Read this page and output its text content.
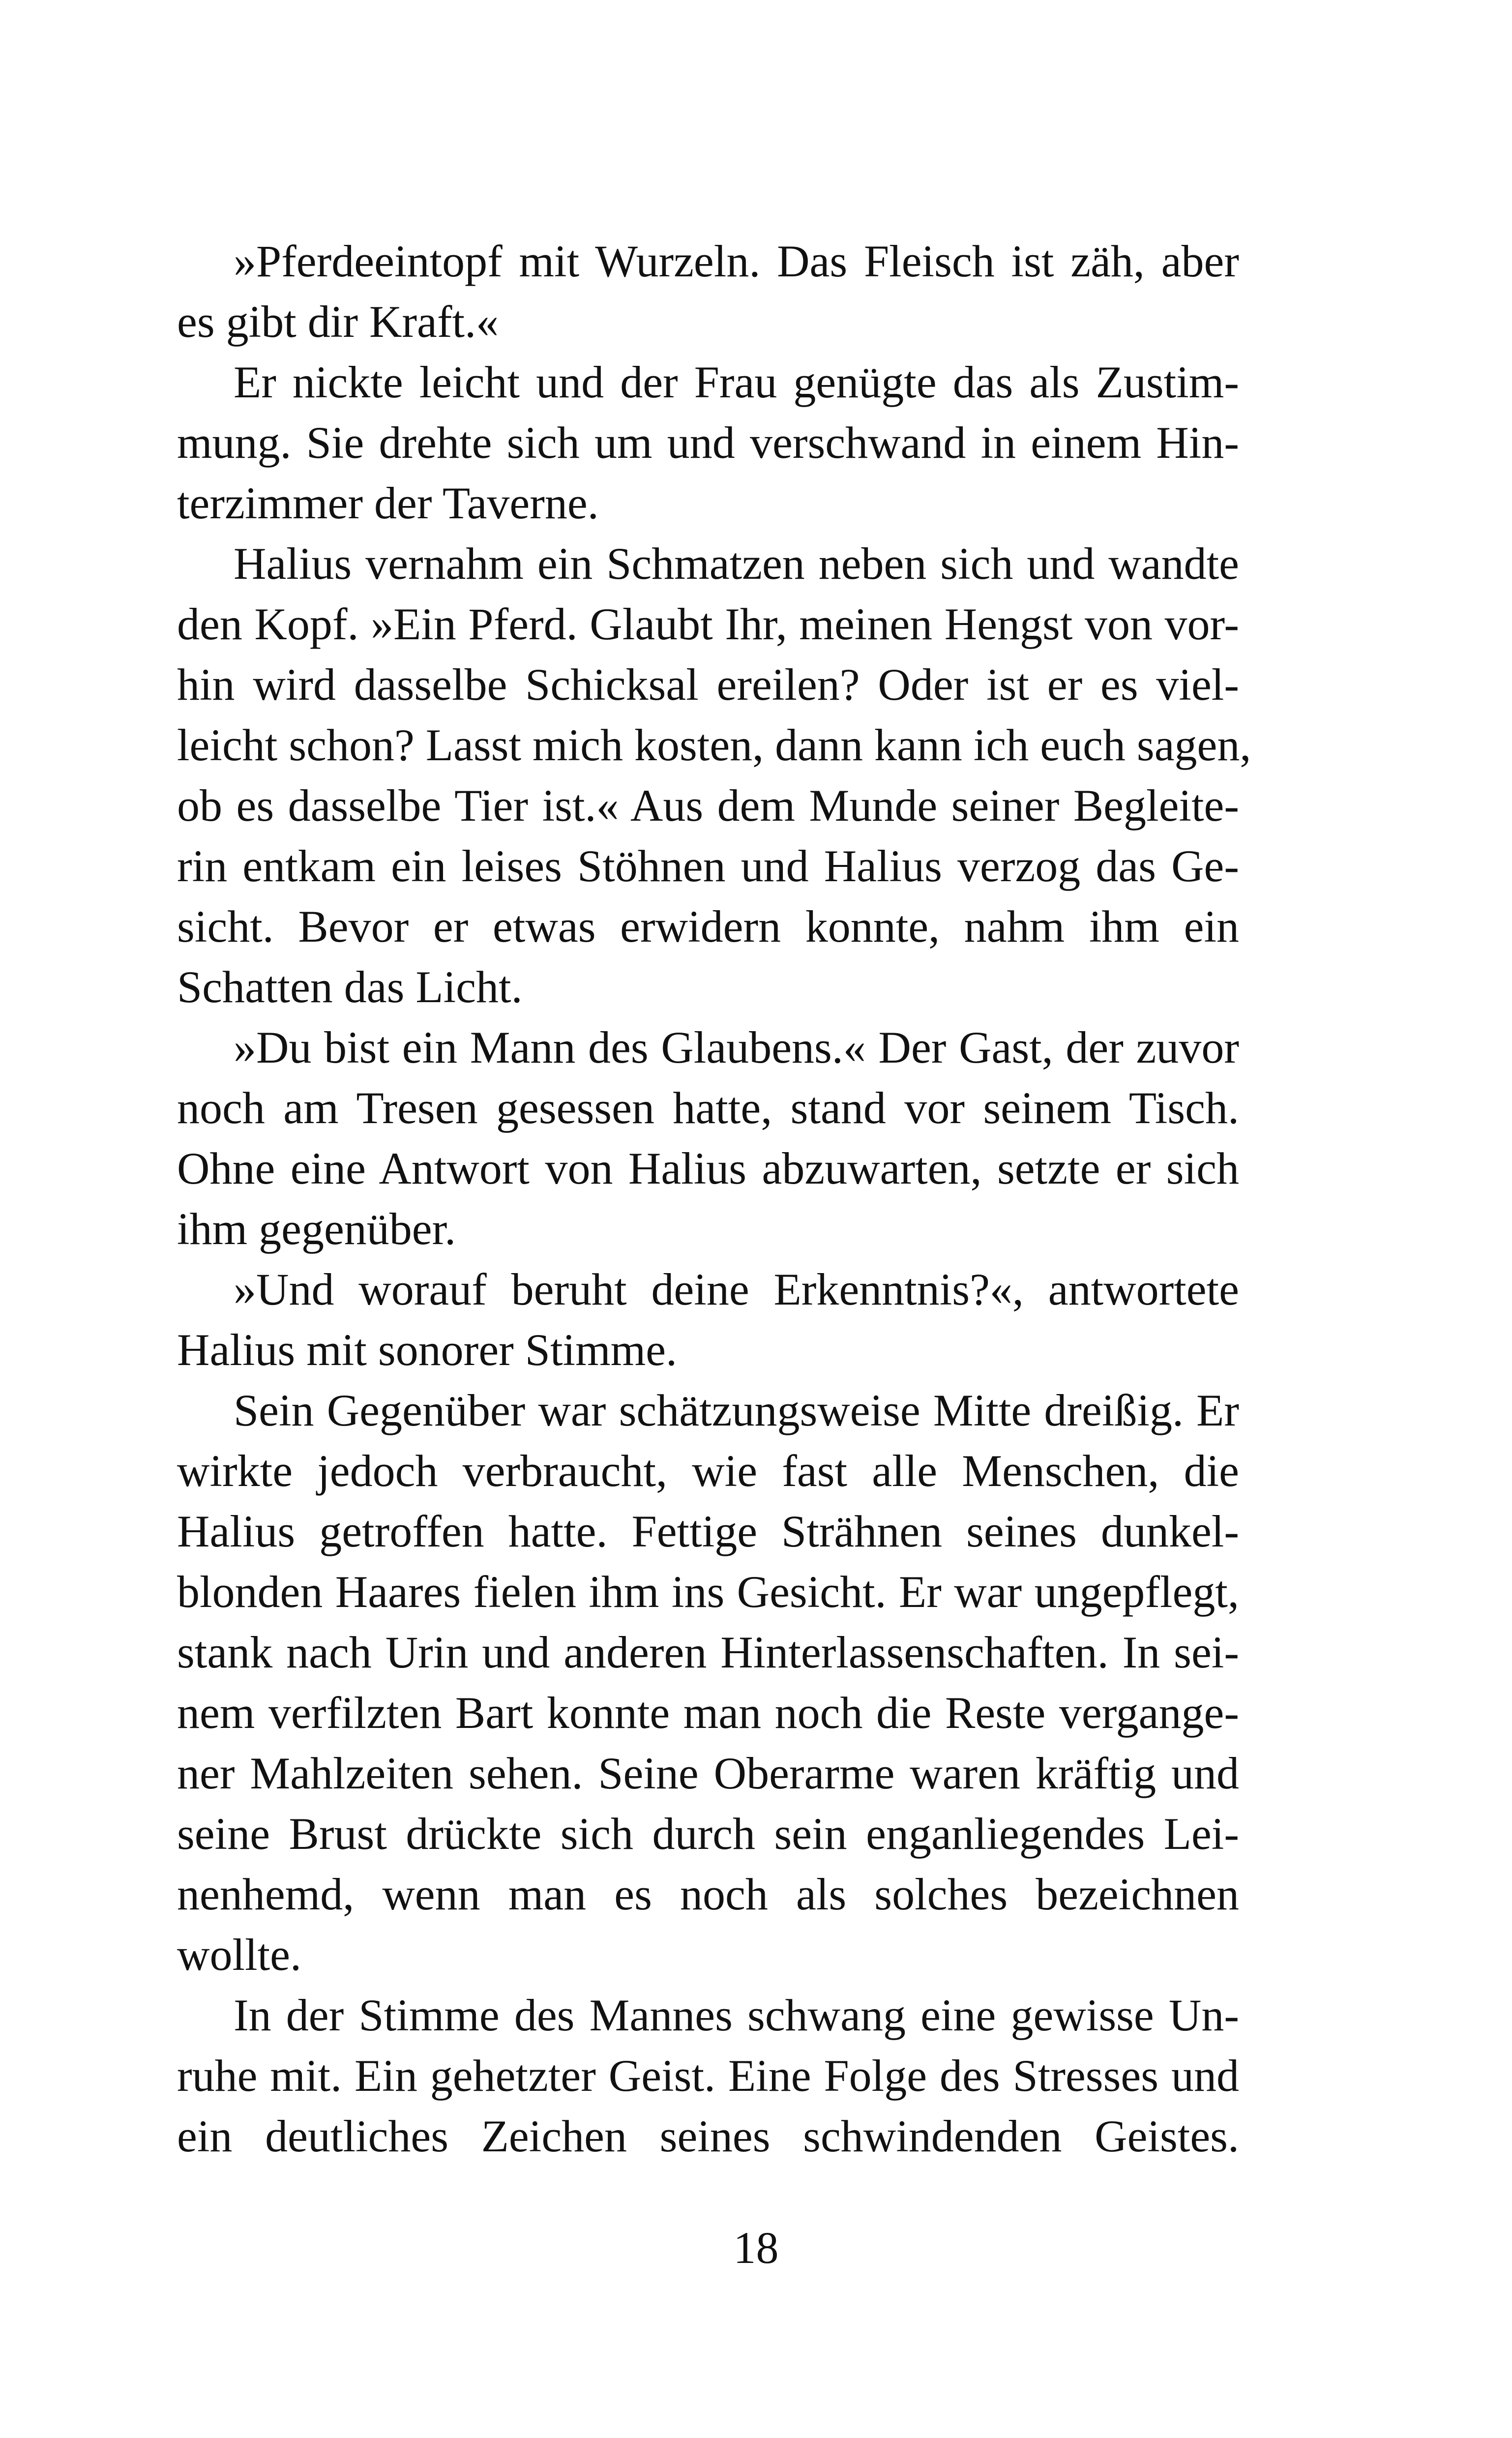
»Pferdeeintopf mit Wurzeln. Das Fleisch ist zäh, aber
es gibt dir Kraft.«
Er nickte leicht und der Frau genügte das als Zustim-
mung. Sie drehte sich um und verschwand in einem Hin-
terzimmer der Taverne.
Halius vernahm ein Schmatzen neben sich und wandte
den Kopf. »Ein Pferd. Glaubt Ihr, meinen Hengst von vor-
hin wird dasselbe Schicksal ereilen? Oder ist er es viel-
leicht schon? Lasst mich kosten, dann kann ich euch sagen,
ob es dasselbe Tier ist.« Aus dem Munde seiner Begleite-
rin entkam ein leises Stöhnen und Halius verzog das Ge-
sicht. Bevor er etwas erwidern konnte, nahm ihm ein
Schatten das Licht.
»Du bist ein Mann des Glaubens.« Der Gast, der zuvor
noch am Tresen gesessen hatte, stand vor seinem Tisch.
Ohne eine Antwort von Halius abzuwarten, setzte er sich
ihm gegenüber.
»Und worauf beruht deine Erkenntnis?«, antwortete
Halius mit sonorer Stimme.
Sein Gegenüber war schätzungsweise Mitte dreißig. Er
wirkte jedoch verbraucht, wie fast alle Menschen, die
Halius getroffen hatte. Fettige Strähnen seines dunkel-
blonden Haares fielen ihm ins Gesicht. Er war ungepflegt,
stank nach Urin und anderen Hinterlassenschaften. In sei-
nem verfilzten Bart konnte man noch die Reste vergange-
ner Mahlzeiten sehen. Seine Oberarme waren kräftig und
seine Brust drückte sich durch sein enganliegendes Lei-
nenhemd, wenn man es noch als solches bezeichnen
wollte.
In der Stimme des Mannes schwang eine gewisse Un-
ruhe mit. Ein gehetzter Geist. Eine Folge des Stresses und
ein deutliches Zeichen seines schwindenden Geistes.
18
